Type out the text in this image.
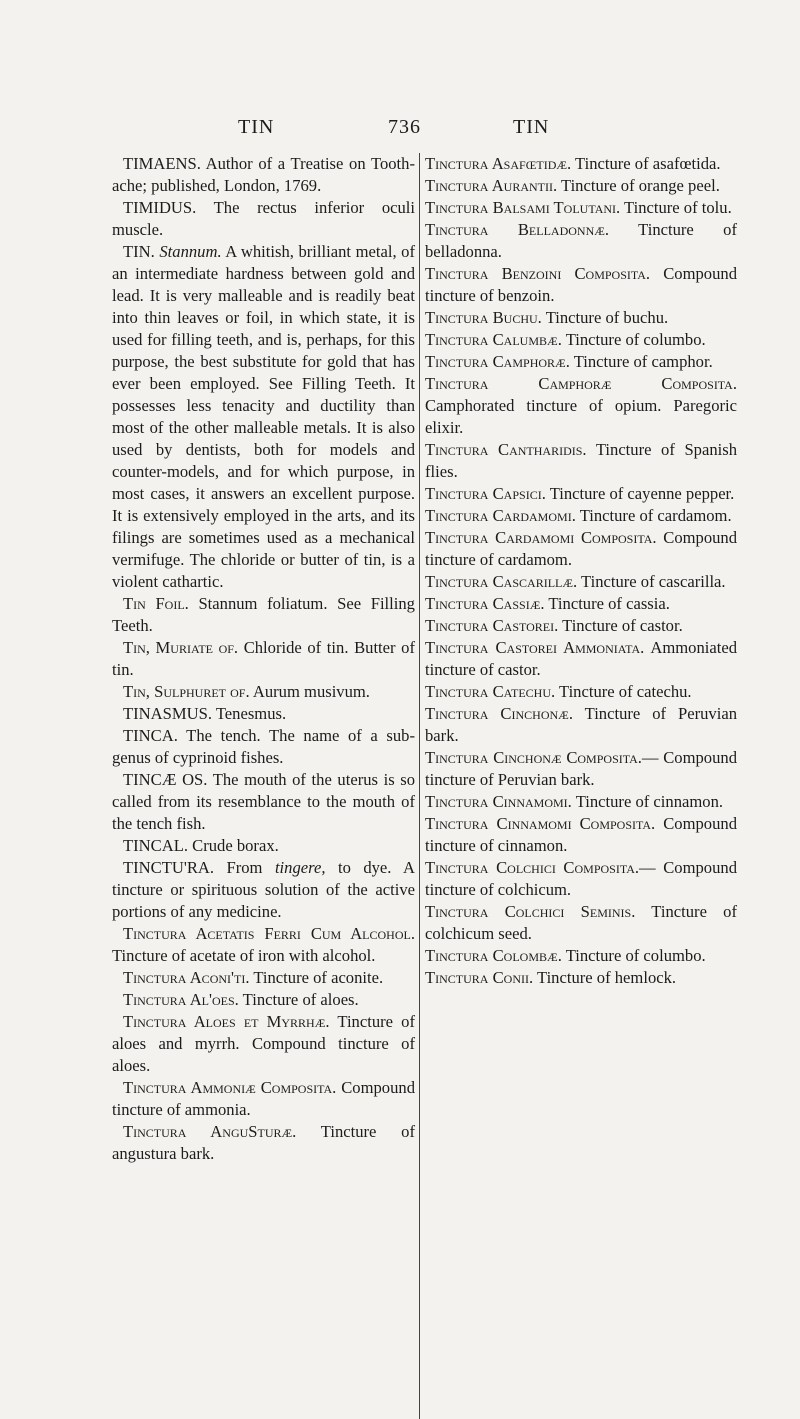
TIN	736	TIN

TIMAENS. Author of a Treatise on Tooth-ache; published, London, 1769.

TIMIDUS. The rectus inferior oculi muscle.

TIN. Stannum. A whitish, brilliant metal, of an intermediate hardness between gold and lead. It is very malleable and is readily beat into thin leaves or foil, in which state, it is used for filling teeth, and is, perhaps, for this purpose, the best substitute for gold that has ever been employed. See Filling Teeth. It possesses less tenacity and ductility than most of the other malleable metals. It is also used by dentists, both for models and counter-models, and for which purpose, in most cases, it answers an excellent purpose. It is extensively employed in the arts, and its filings are sometimes used as a mechanical vermifuge. The chloride or butter of tin, is a violent cathartic.

Tin Foil. Stannum foliatum. See Filling Teeth.

Tin, Muriate of. Chloride of tin. Butter of tin.

Tin, Sulphuret of. Aurum musivum.

TINASMUS. Tenesmus.

TINCA. The tench. The name of a sub-genus of cyprinoid fishes.

TINCÆ OS. The mouth of the uterus is so called from its resemblance to the mouth of the tench fish.

TINCAL. Crude borax.

TINCTU'RA. From tingere, to dye. A tincture or spirituous solution of the active portions of any medicine.

Tinctura Acetatis Ferri Cum Alcohol. Tincture of acetate of iron with alcohol.

Tinctura Aconi'ti. Tincture of aconite.

Tinctura Al'oes. Tincture of aloes.

Tinctura Aloes et Myrrhæ. Tincture of aloes and myrrh. Compound tincture of aloes.

Tinctura Ammoniæ Composita. Compound tincture of ammonia.

Tinctura AnguSturæ. Tincture of angustura bark.

Tinctura Asafœtidæ. Tincture of asafœtida.

Tinctura Aurantii. Tincture of orange peel.

Tinctura Balsami Tolutani. Tincture of tolu.

Tinctura Belladonnæ. Tincture of belladonna.

Tinctura Benzoini Composita. Compound tincture of benzoin.

Tinctura Buchu. Tincture of buchu.

Tinctura Calumbæ. Tincture of columbo.

Tinctura Camphoræ. Tincture of camphor.

Tinctura Camphoræ Composita. Camphorated tincture of opium. Paregoric elixir.

Tinctura Cantharidis. Tincture of Spanish flies.

Tinctura Capsici. Tincture of cayenne pepper.

Tinctura Cardamomi. Tincture of cardamom.

Tinctura Cardamomi Composita. Compound tincture of cardamom.

Tinctura Cascarillæ. Tincture of cascarilla.

Tinctura Cassiæ. Tincture of cassia.

Tinctura Castorei. Tincture of castor.

Tinctura Castorei Ammoniata. Ammoniated tincture of castor.

Tinctura Catechu. Tincture of catechu.

Tinctura Cinchonæ. Tincture of Peruvian bark.

Tinctura Cinchonæ Composita.— Compound tincture of Peruvian bark.

Tinctura Cinnamomi. Tincture of cinnamon.

Tinctura Cinnamomi Composita. Compound tincture of cinnamon.

Tinctura Colchici Composita.— Compound tincture of colchicum.

Tinctura Colchici Seminis. Tincture of colchicum seed.

Tinctura Colombæ. Tincture of columbo.

Tinctura Conii. Tincture of hemlock.
